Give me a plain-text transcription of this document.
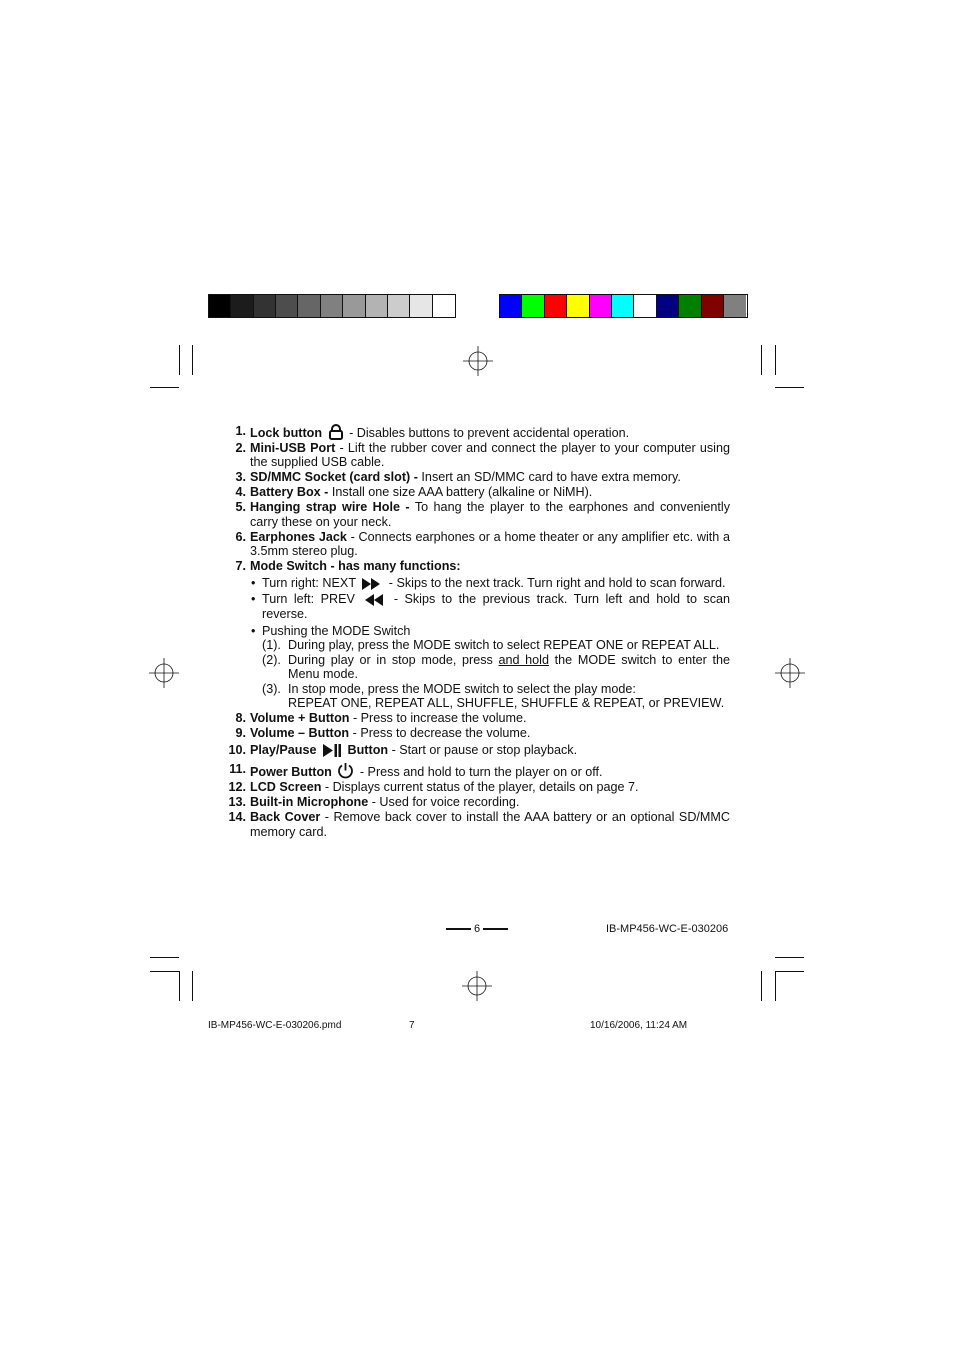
1. Lock button  - Disables buttons to prevent accidental operation.
2. Mini-USB Port - Lift the rubber cover and connect the player to your computer using the supplied USB cable.
3. SD/MMC Socket (card slot) - Insert an SD/MMC card to have extra memory.
4. Battery Box - Install one size AAA battery (alkaline or NiMH).
5. Hanging strap wire Hole - To hang the player to the earphones and conveniently carry these on your neck.
6. Earphones Jack - Connects earphones or a home theater or any amplifier etc. with a 3.5mm stereo plug.
7. Mode Switch - has many functions:
• Turn right: NEXT	- Skips to the next track. Turn right and hold to scan forward.
• Turn left: PREV	- Skips to the previous track. Turn left and hold to scan reverse.
• Pushing the MODE Switch
(1). During play, press the MODE switch to select REPEAT ONE or REPEAT ALL.
(2). During play or in stop mode, press and hold the MODE switch to enter the Menu mode.
(3). In stop mode, press the MODE switch to select the play mode:
REPEAT ONE, REPEAT ALL, SHUFFLE, SHUFFLE & REPEAT, or PREVIEW.
8. Volume + Button - Press to increase the volume.
9. Volume – Button - Press to decrease the volume.
10. Play/Pause Button - Start or pause or stop playback.
11. Power Button  - Press and hold to turn the player on or off.
12. LCD Screen - Displays current status of the player, details on page 7.
13. Built-in Microphone - Used for voice recording.
14. Back Cover - Remove back cover to install the AAA battery or an optional SD/MMC memory card.
6	IB-MP456-WC-E-030206
IB-MP456-WC-E-030206.pmd	7	10/16/2006, 11:24 AM
